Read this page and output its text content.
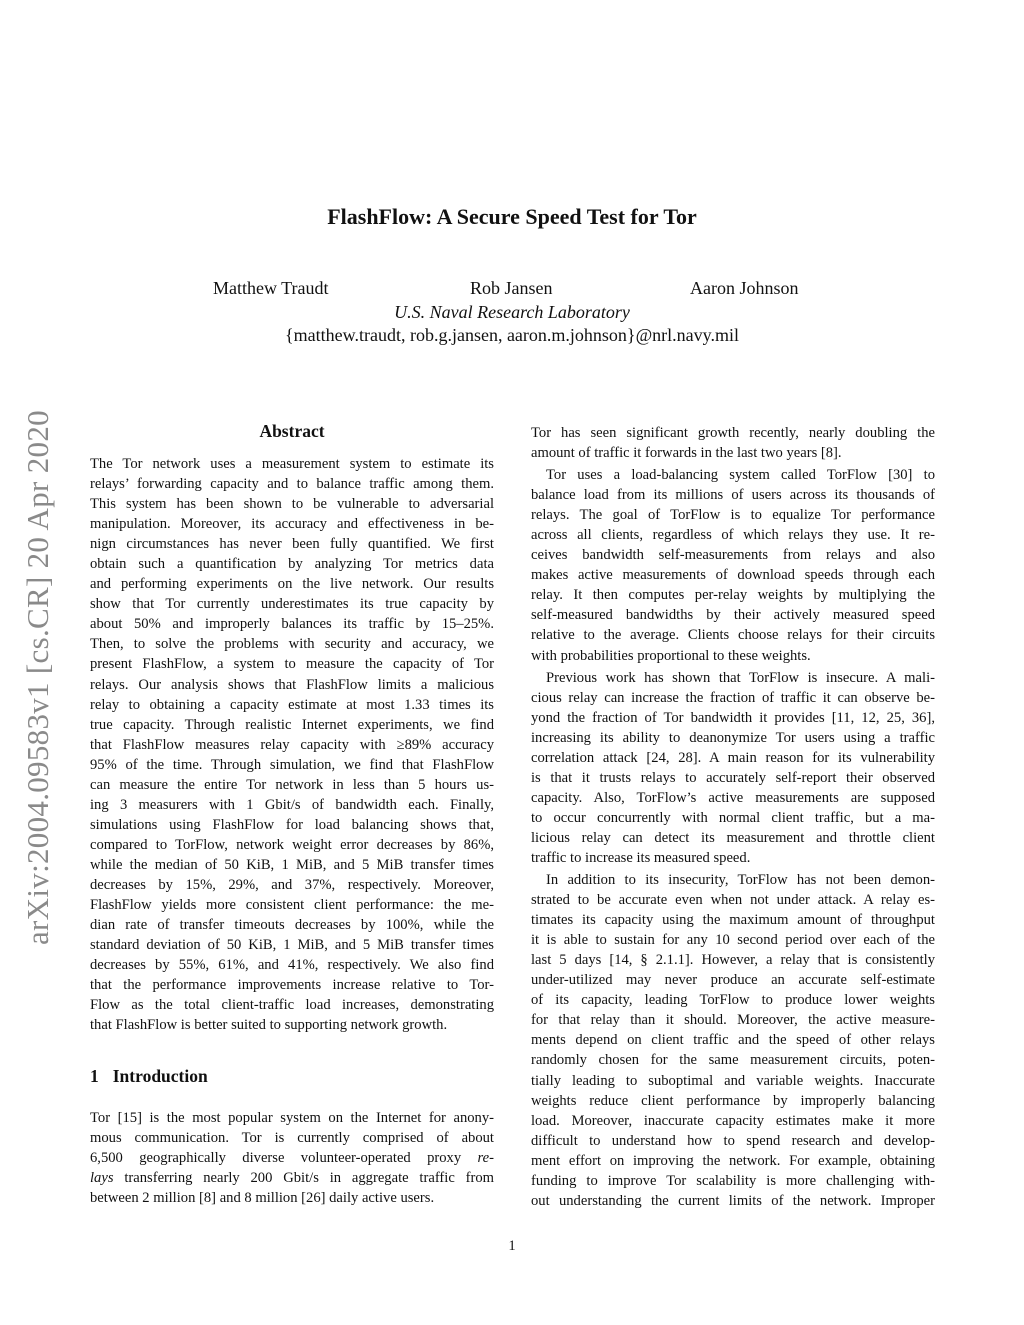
FlashFlow: A Secure Speed Test for Tor
Matthew Traudt	Rob Jansen	Aaron Johnson
U.S. Naval Research Laboratory
{matthew.traudt, rob.g.jansen, aaron.m.johnson}@nrl.navy.mil
arXiv:2004.09583v1 [cs.CR] 20 Apr 2020	Abstract
The Tor network uses a measurement system to estimate its
relays’ forwarding capacity and to balance traffic among them.
This system has been shown to be vulnerable to adversarial
manipulation. Moreover, its accuracy and effectiveness in be-
nign circumstances has never been fully quantified. We first
obtain such a quantification by analyzing Tor metrics data
and performing experiments on the live network. Our results
show that Tor currently underestimates its true capacity by
about 50% and improperly balances its traffic by 15–25%.
Then, to solve the problems with security and accuracy, we
present FlashFlow, a system to measure the capacity of Tor
relays. Our analysis shows that FlashFlow limits a malicious
relay to obtaining a capacity estimate at most 1.33 times its
true capacity. Through realistic Internet experiments, we find
that FlashFlow measures relay capacity with ≥89% accuracy
95% of the time. Through simulation, we find that FlashFlow
can measure the entire Tor network in less than 5 hours us-
ing 3 measurers with 1 Gbit/s of bandwidth each. Finally,
simulations using FlashFlow for load balancing shows that,
compared to TorFlow, network weight error decreases by 86%,
while the median of 50 KiB, 1 MiB, and 5 MiB transfer times
decreases by 15%, 29%, and 37%, respectively. Moreover,
FlashFlow yields more consistent client performance: the me-
dian rate of transfer timeouts decreases by 100%, while the
standard deviation of 50 KiB, 1 MiB, and 5 MiB transfer times
decreases by 55%, 61%, and 41%, respectively. We also find
that the performance improvements increase relative to Tor-
Flow as the total client-traffic load increases, demonstrating
that FlashFlow is better suited to supporting network growth.
1 Introduction
Tor [15] is the most popular system on the Internet for anony-
mous communication. Tor is currently comprised of about
6,500 geographically diverse volunteer-operated proxy re-
lays transferring nearly 200 Gbit/s in aggregate traffic from
between 2 million [8] and 8 million [26] daily active users.
Tor has seen significant growth recently, nearly doubling the
amount of traffic it forwards in the last two years [8].
Tor uses a load-balancing system called TorFlow [30] to
balance load from its millions of users across its thousands of
relays. The goal of TorFlow is to equalize Tor performance
across all clients, regardless of which relays they use. It re-
ceives bandwidth self-measurements from relays and also
makes active measurements of download speeds through each
relay. It then computes per-relay weights by multiplying the
self-measured bandwidths by their actively measured speed
relative to the average. Clients choose relays for their circuits
with probabilities proportional to these weights.
Previous work has shown that TorFlow is insecure. A mali-
cious relay can increase the fraction of traffic it can observe be-
yond the fraction of Tor bandwidth it provides [11, 12, 25, 36],
increasing its ability to deanonymize Tor users using a traffic
correlation attack [24, 28]. A main reason for its vulnerability
is that it trusts relays to accurately self-report their observed
capacity. Also, TorFlow’s active measurements are supposed
to occur concurrently with normal client traffic, but a ma-
licious relay can detect its measurement and throttle client
traffic to increase its measured speed.
In addition to its insecurity, TorFlow has not been demon-
strated to be accurate even when not under attack. A relay es-
timates its capacity using the maximum amount of throughput
it is able to sustain for any 10 second period over each of the
last 5 days [14, § 2.1.1]. However, a relay that is consistently
under-utilized may never produce an accurate self-estimate
of its capacity, leading TorFlow to produce lower weights
for that relay than it should. Moreover, the active measure-
ments depend on client traffic and the speed of other relays
randomly chosen for the same measurement circuits, poten-
tially leading to suboptimal and variable weights. Inaccurate
weights reduce client performance by improperly balancing
load. Moreover, inaccurate capacity estimates make it more
difficult to understand how to spend research and develop-
ment effort on improving the network. For example, obtaining
funding to improve Tor scalability is more challenging with-
out understanding the current limits of the network. Improper
1
